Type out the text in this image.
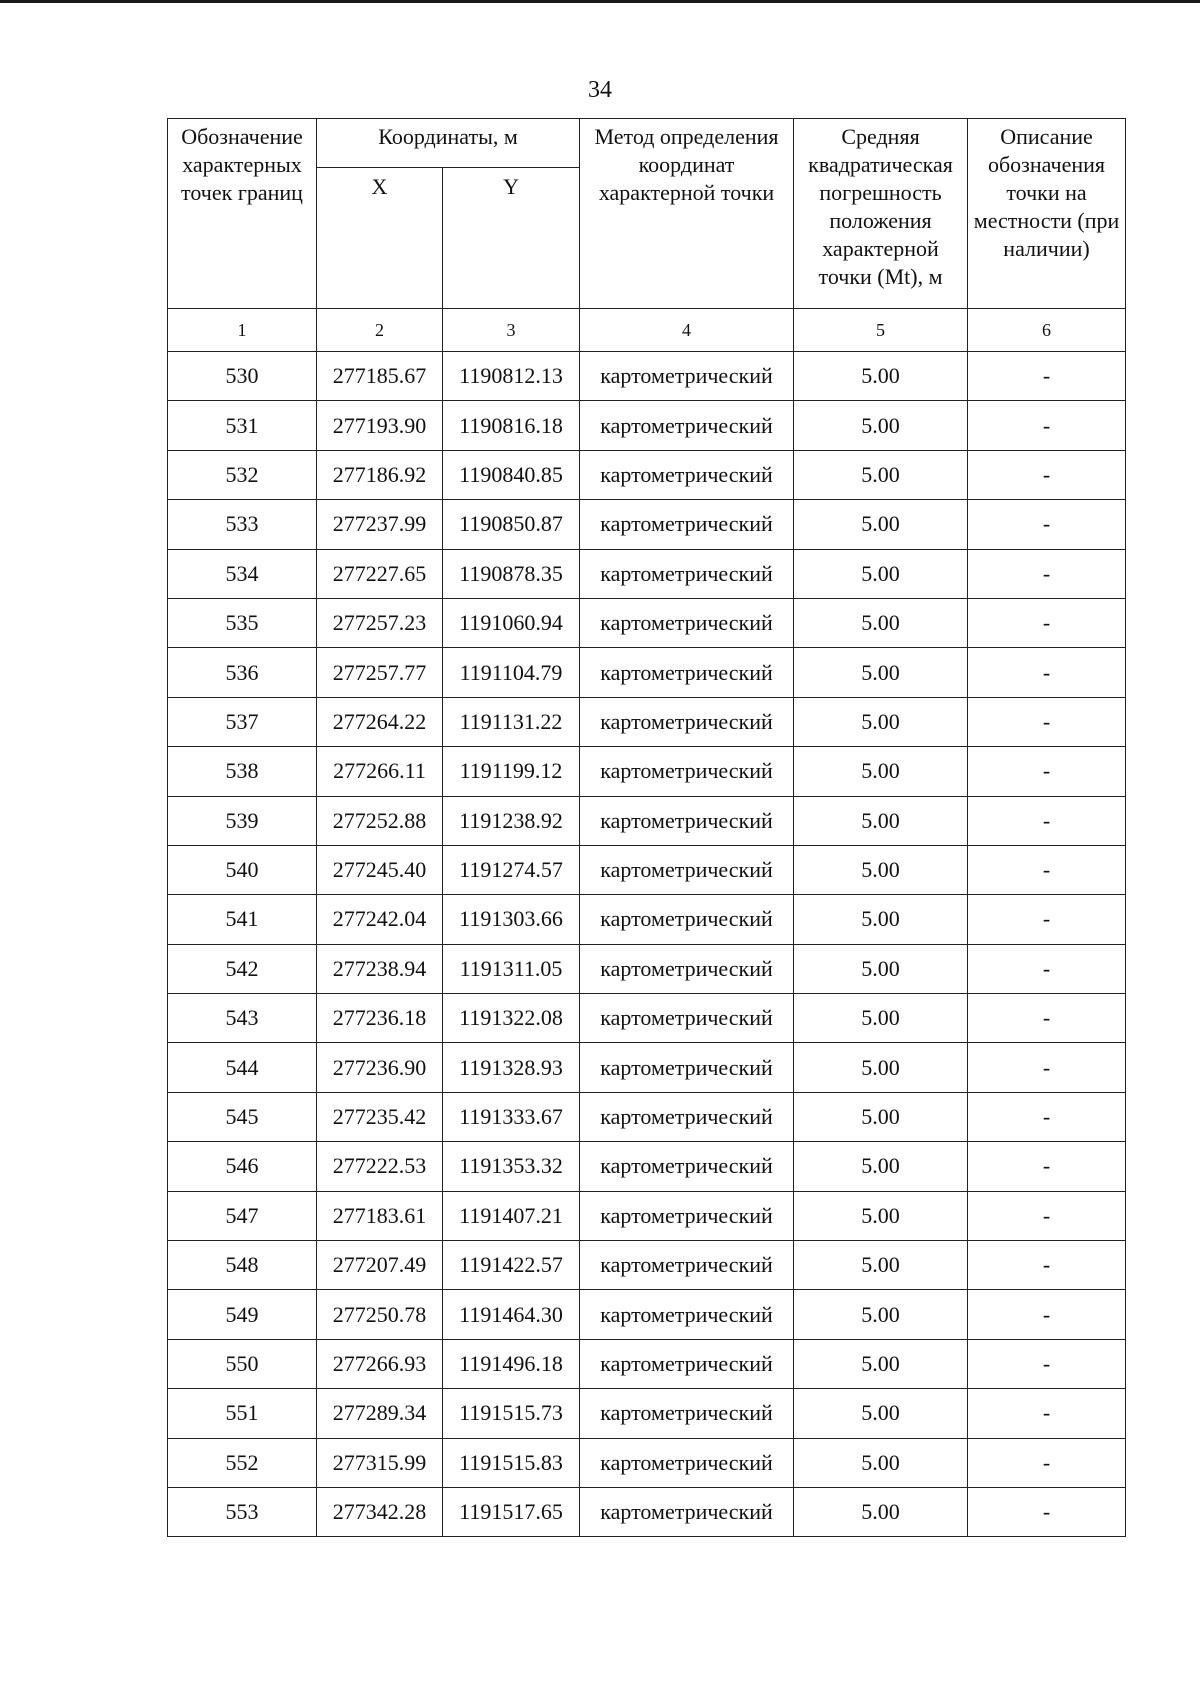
34
Обозначение характерных точек границ	Координаты, м		Метод определения координат характерной точки	Средняя квадратическая погрешность положения характерной точки (Mt), м	Описание обозначения точки на местности (при наличии)
	X	Y			
1	2	3	4	5	6
530	277185.67	1190812.13	картометрический	5.00	-
531	277193.90	1190816.18	картометрический	5.00	-
532	277186.92	1190840.85	картометрический	5.00	-
533	277237.99	1190850.87	картометрический	5.00	-
534	277227.65	1190878.35	картометрический	5.00	-
535	277257.23	1191060.94	картометрический	5.00	-
536	277257.77	1191104.79	картометрический	5.00	-
537	277264.22	1191131.22	картометрический	5.00	-
538	277266.11	1191199.12	картометрический	5.00	-
539	277252.88	1191238.92	картометрический	5.00	-
540	277245.40	1191274.57	картометрический	5.00	-
541	277242.04	1191303.66	картометрический	5.00	-
542	277238.94	1191311.05	картометрический	5.00	-
543	277236.18	1191322.08	картометрический	5.00	-
544	277236.90	1191328.93	картометрический	5.00	-
545	277235.42	1191333.67	картометрический	5.00	-
546	277222.53	1191353.32	картометрический	5.00	-
547	277183.61	1191407.21	картометрический	5.00	-
548	277207.49	1191422.57	картометрический	5.00	-
549	277250.78	1191464.30	картометрический	5.00	-
550	277266.93	1191496.18	картометрический	5.00	-
551	277289.34	1191515.73	картометрический	5.00	-
552	277315.99	1191515.83	картометрический	5.00	-
553	277342.28	1191517.65	картометрический	5.00	-
